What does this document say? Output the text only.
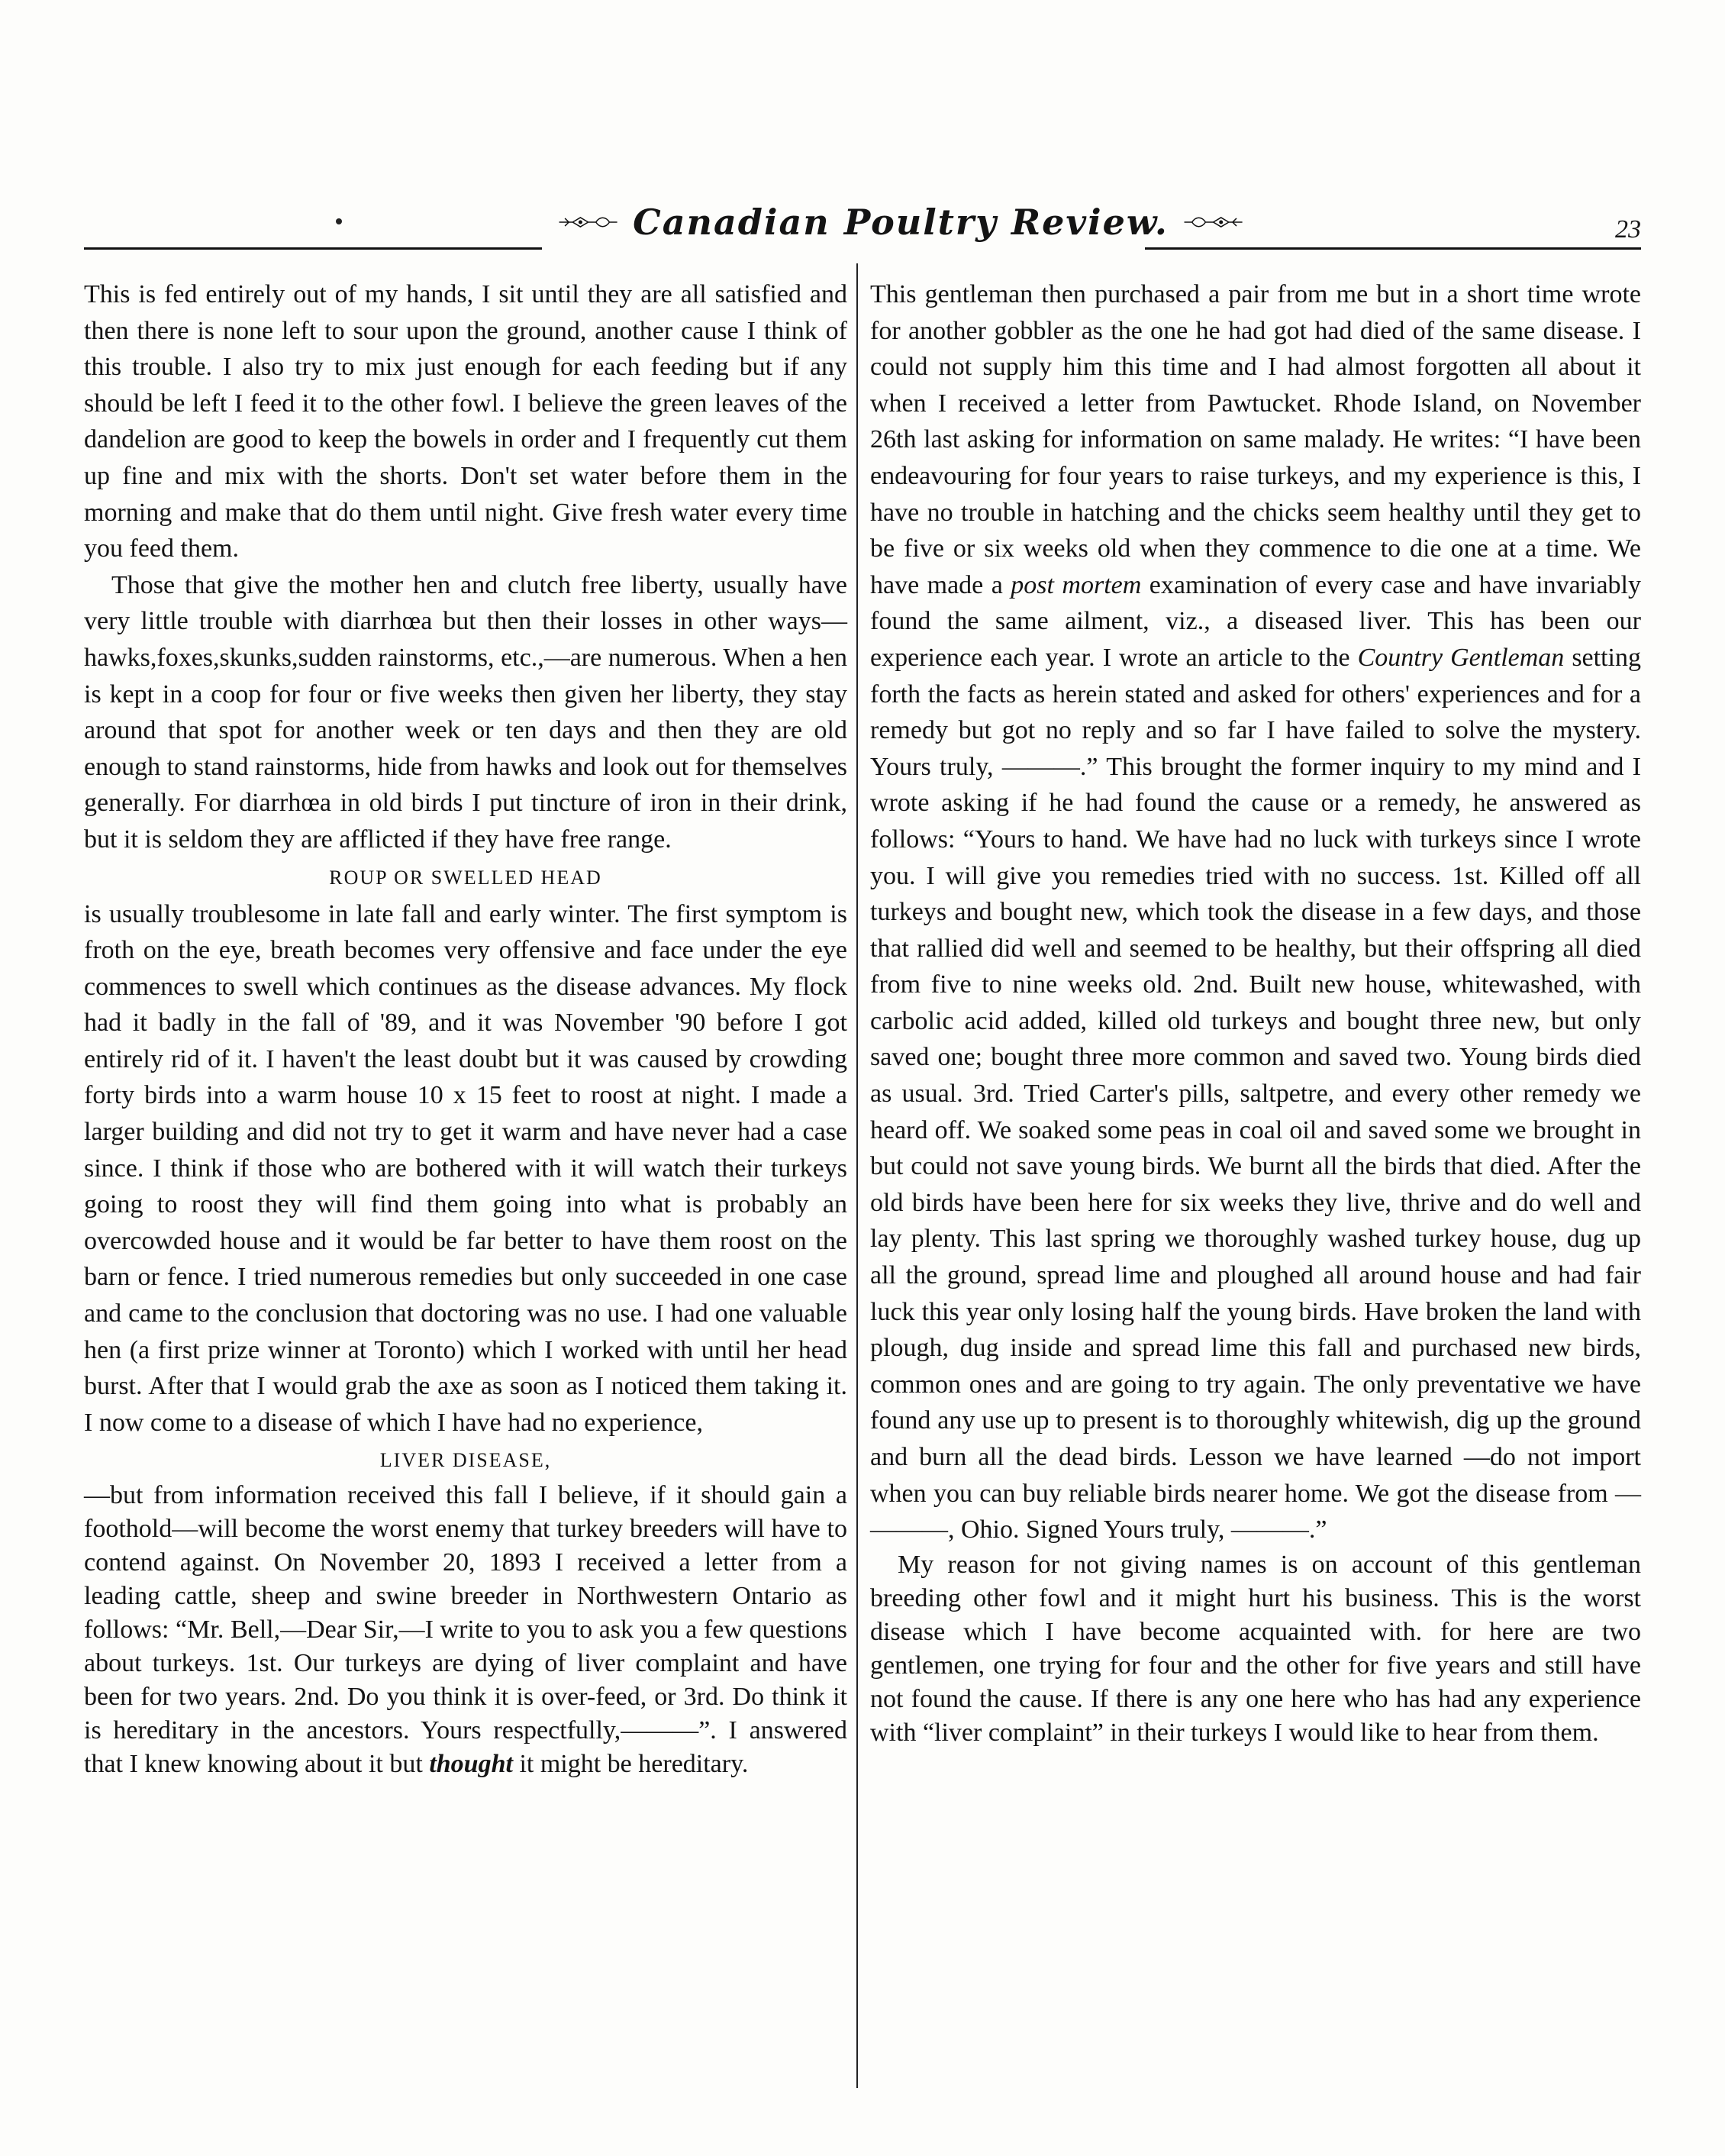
Canadian Poultry Review.	23

This is fed entirely out of my hands, I sit until they are all satisfied and then there is none left to sour upon the ground, another cause I think of this trouble. I also try to mix just enough for each feeding but if any should be left I feed it to the other fowl. I believe the green leaves of the dandelion are good to keep the bowels in order and I frequently cut them up fine and mix with the shorts. Don't set water before them in the morning and make that do them until night. Give fresh water every time you feed them.

Those that give the mother hen and clutch free liberty, usually have very little trouble with diarrhœa but then their losses in other ways—hawks,foxes,skunks,sudden rainstorms, etc.,—are numerous. When a hen is kept in a coop for four or five weeks then given her liberty, they stay around that spot for another week or ten days and then they are old enough to stand rainstorms, hide from hawks and look out for themselves generally. For diarrhœa in old birds I put tincture of iron in their drink, but it is seldom they are afflicted if they have free range.

ROUP OR SWELLED HEAD

is usually troublesome in late fall and early winter. The first symptom is froth on the eye, breath becomes very offensive and face under the eye commences to swell which continues as the disease advances. My flock had it badly in the fall of '89, and it was November '90 before I got entirely rid of it. I haven't the least doubt but it was caused by crowding forty birds into a warm house 10 x 15 feet to roost at night. I made a larger building and did not try to get it warm and have never had a case since. I think if those who are bothered with it will watch their turkeys going to roost they will find them going into what is probably an overcowded house and it would be far better to have them roost on the barn or fence. I tried numerous remedies but only succeeded in one case and came to the conclusion that doctoring was no use. I had one valuable hen (a first prize winner at Toronto) which I worked with until her head burst. After that I would grab the axe as soon as I noticed them taking it. I now come to a disease of which I have had no experience,

LIVER DISEASE,

—but from information received this fall I believe, if it should gain a foothold—will become the worst enemy that turkey breeders will have to contend against. On November 20, 1893 I received a letter from a leading cattle, sheep and swine breeder in Northwestern Ontario as follows: “Mr. Bell,—Dear Sir,—I write to you to ask you a few questions about turkeys. 1st. Our turkeys are dying of liver complaint and have been for two years. 2nd. Do you think it is over-feed, or 3rd. Do think it is hereditary in the ancestors. Yours respectfully,———”. I answered that I knew knowing about it but thought it might be hereditary.

This gentleman then purchased a pair from me but in a short time wrote for another gobbler as the one he had got had died of the same disease. I could not supply him this time and I had almost forgotten all about it when I received a letter from Pawtucket. Rhode Island, on November 26th last asking for information on same malady. He writes: “I have been endeavouring for four years to raise turkeys, and my experience is this, I have no trouble in hatching and the chicks seem healthy until they get to be five or six weeks old when they commence to die one at a time. We have made a post mortem examination of every case and have invariably found the same ailment, viz., a diseased liver. This has been our experience each year. I wrote an article to the Country Gentleman setting forth the facts as herein stated and asked for others' experiences and for a remedy but got no reply and so far I have failed to solve the mystery. Yours truly, ———.” This brought the former inquiry to my mind and I wrote asking if he had found the cause or a remedy, he answered as follows: “Yours to hand. We have had no luck with turkeys since I wrote you. I will give you remedies tried with no success. 1st. Killed off all turkeys and bought new, which took the disease in a few days, and those that rallied did well and seemed to be healthy, but their offspring all died from five to nine weeks old. 2nd. Built new house, whitewashed, with carbolic acid added, killed old turkeys and bought three new, but only saved one; bought three more common and saved two. Young birds died as usual. 3rd. Tried Carter's pills, saltpetre, and every other remedy we heard off. We soaked some peas in coal oil and saved some we brought in but could not save young birds. We burnt all the birds that died. After the old birds have been here for six weeks they live, thrive and do well and lay plenty. This last spring we thoroughly washed turkey house, dug up all the ground, spread lime and ploughed all around house and had fair luck this year only losing half the young birds. Have broken the land with plough, dug inside and spread lime this fall and purchased new birds, common ones and are going to try again. The only preventative we have found any use up to present is to thoroughly whitewish, dig up the ground and burn all the dead birds. Lesson we have learned —do not import when you can buy reliable birds nearer home. We got the disease from — ———, Ohio. Signed Yours truly, ———.”

My reason for not giving names is on account of this gentleman breeding other fowl and it might hurt his business. This is the worst disease which I have become acquainted with. for here are two gentlemen, one trying for four and the other for five years and still have not found the cause. If there is any one here who has had any experience with “liver complaint” in their turkeys I would like to hear from them.
